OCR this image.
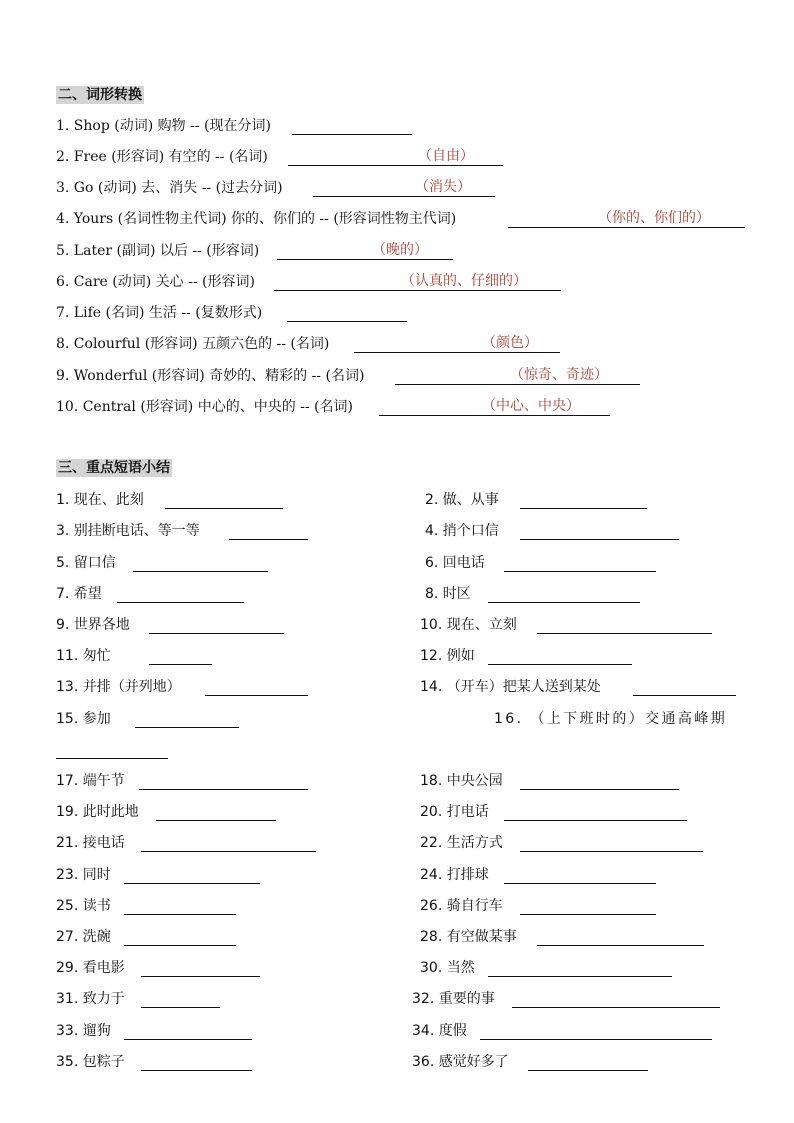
二、词形转换
1. Shop (动词) 购物 -- (现在分词)
2. Free (形容词) 有空的 -- (名词)	（自由）
3. Go (动词) 去、消失 -- (过去分词)	（消失）
4. Yours (名词性物主代词) 你的、你们的 -- (形容词性物主代词)	（你的、你们的）
5. Later (副词) 以后 -- (形容词)	（晚的）
6. Care (动词) 关心 -- (形容词)	（认真的、仔细的）
7. Life (名词) 生活 -- (复数形式)
8. Colourful (形容词) 五颜六色的 -- (名词)	（颜色）
9. Wonderful (形容词) 奇妙的、精彩的 -- (名词)	（惊奇、奇迹）
10. Central (形容词) 中心的、中央的 -- (名词)	（中心、中央）
三、重点短语小结
1. 现在、此刻	2. 做、从事
3. 别挂断电话、等一等	4. 捎个口信
5. 留口信	6. 回电话
7. 希望	8. 时区
9. 世界各地	10. 现在、立刻
11. 匆忙	12. 例如
13. 并排（并列地）	14. （开车）把某人送到某处
15. 参加	16. （上下班时的）交通高峰期
17. 端午节	18. 中央公园
19. 此时此地	20. 打电话
21. 接电话	22. 生活方式
23. 同时	24. 打排球
25. 读书	26. 骑自行车
27. 洗碗	28. 有空做某事
29. 看电影	30. 当然
31. 致力于	32. 重要的事
33. 遛狗	34. 度假
35. 包粽子	36. 感觉好多了
